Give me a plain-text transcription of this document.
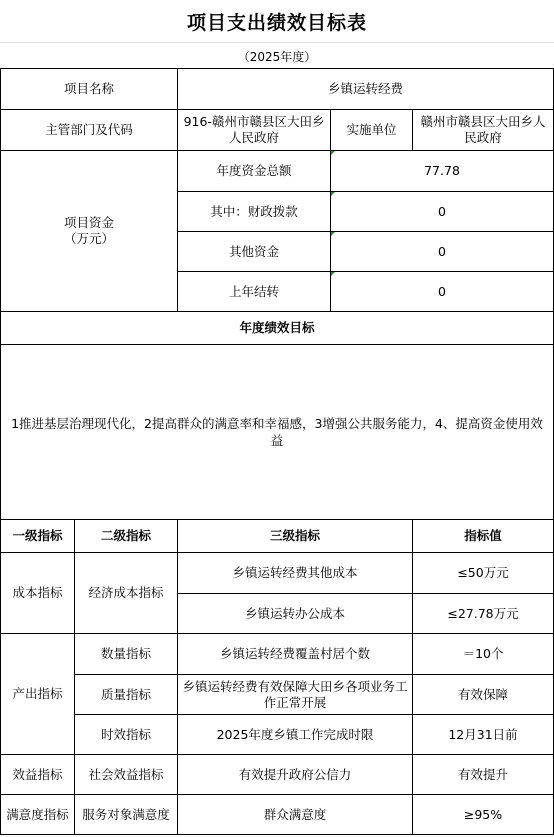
项目支出绩效目标表
（2025年度）
项目名称		乡镇运转经费		
主管部门及代码		916-赣州市赣县区大田乡人民政府	实施单位	赣州市赣县区大田乡人民政府
项目资金
（万元）		年度资金总额	77.78	
		其中：财政拨款	0	
		其他资金	0	
		上年结转	0	
年度绩效目标				
1推进基层治理现代化，2提高群众的满意率和幸福感，3增强公共服务能力，4、提高资金使用效益				
一级指标	二级指标	三级指标		指标值
成本指标	经济成本指标	乡镇运转经费其他成本		≤50万元
		乡镇运转办公成本		≤27.78万元
产出指标	数量指标	乡镇运转经费覆盖村居个数		＝10个
	质量指标	乡镇运转经费有效保障大田乡各项业务工作正常开展		有效保障
	时效指标	2025年度乡镇工作完成时限		12月31日前
效益指标	社会效益指标	有效提升政府公信力		有效提升
满意度指标	服务对象满意度	群众满意度		≥95%
